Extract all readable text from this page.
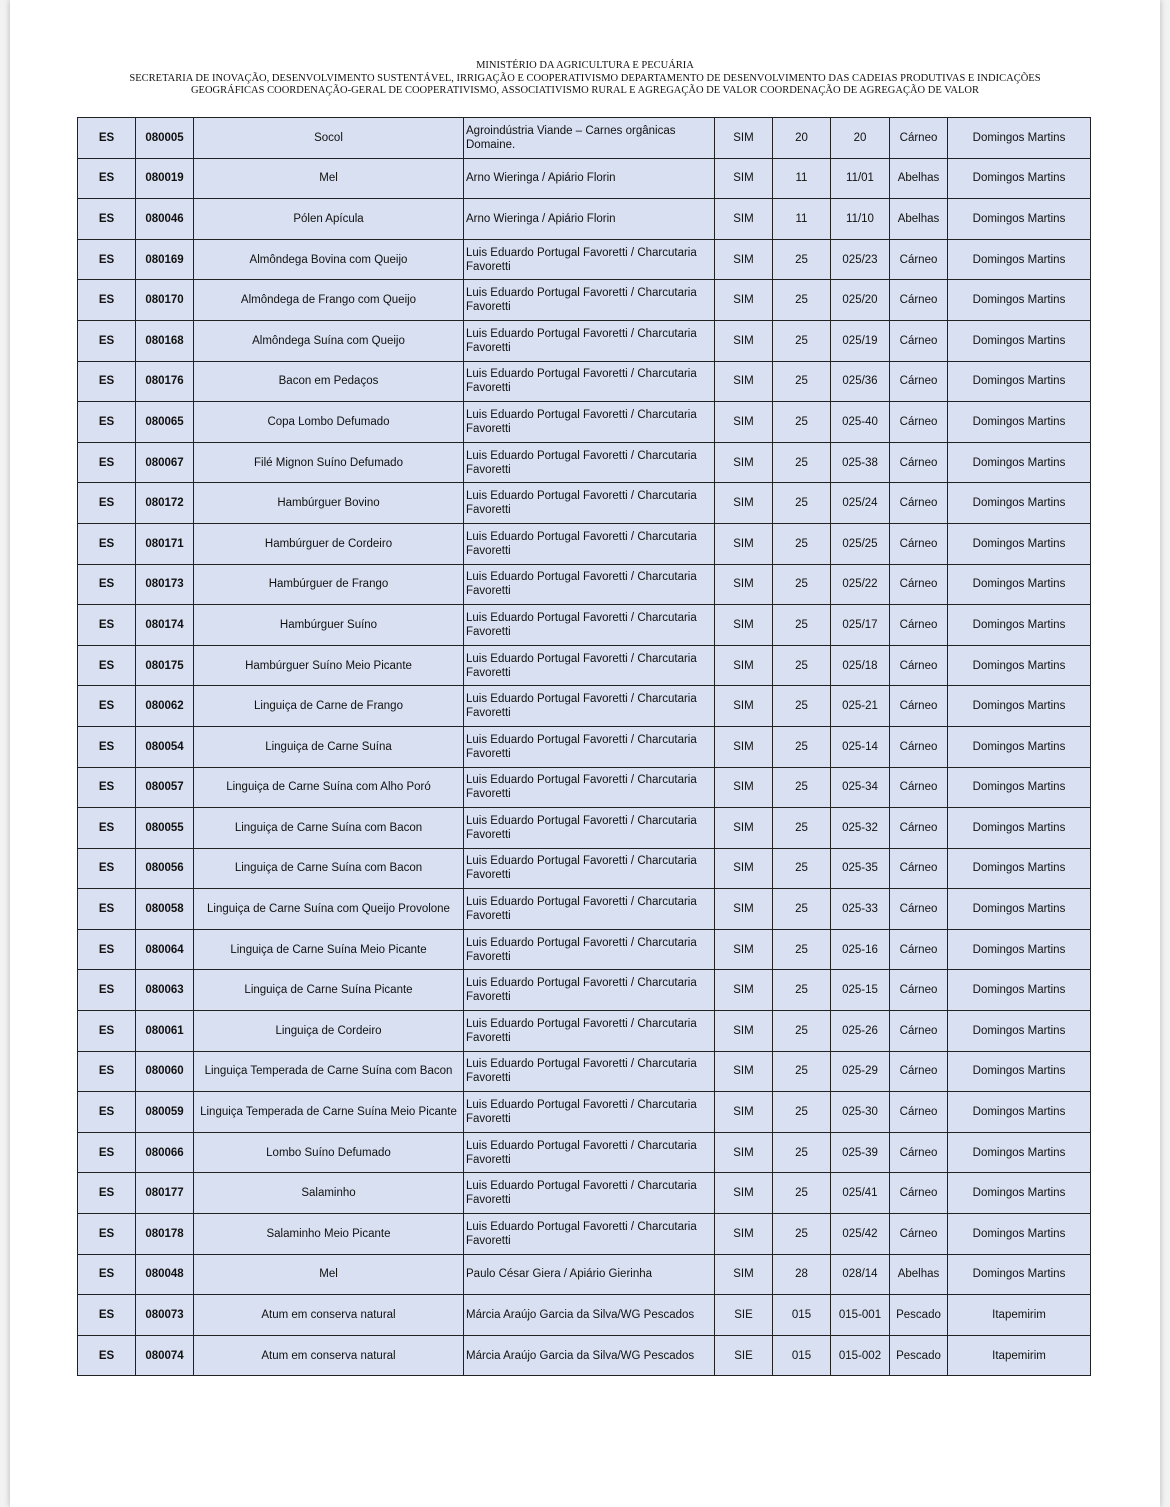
MINISTÉRIO DA AGRICULTURA E PECUÁRIA
SECRETARIA DE INOVAÇÃO, DESENVOLVIMENTO SUSTENTÁVEL, IRRIGAÇÃO E COOPERATIVISMO DEPARTAMENTO DE DESENVOLVIMENTO DAS CADEIAS PRODUTIVAS E INDICAÇÕES
GEOGRÁFICAS COORDENAÇÃO-GERAL DE COOPERATIVISMO, ASSOCIATIVISMO RURAL E AGREGAÇÃO DE VALOR COORDENAÇÃO DE AGREGAÇÃO DE VALOR
ES	080005	Socol	Agroindústria Viande – Carnes orgânicas Domaine.	SIM	20	20	Cárneo	Domingos Martins
ES	080019	Mel	Arno Wieringa / Apiário Florin	SIM	11	11/01	Abelhas	Domingos Martins
ES	080046	Pólen Apícula	Arno Wieringa / Apiário Florin	SIM	11	11/10	Abelhas	Domingos Martins
ES	080169	Almôndega Bovina com Queijo	Luis Eduardo Portugal Favoretti / Charcutaria Favoretti	SIM	25	025/23	Cárneo	Domingos Martins
ES	080170	Almôndega de Frango com Queijo	Luis Eduardo Portugal Favoretti / Charcutaria Favoretti	SIM	25	025/20	Cárneo	Domingos Martins
ES	080168	Almôndega Suína com Queijo	Luis Eduardo Portugal Favoretti / Charcutaria Favoretti	SIM	25	025/19	Cárneo	Domingos Martins
ES	080176	Bacon em Pedaços	Luis Eduardo Portugal Favoretti / Charcutaria Favoretti	SIM	25	025/36	Cárneo	Domingos Martins
ES	080065	Copa Lombo Defumado	Luis Eduardo Portugal Favoretti / Charcutaria Favoretti	SIM	25	025-40	Cárneo	Domingos Martins
ES	080067	Filé Mignon Suíno Defumado	Luis Eduardo Portugal Favoretti / Charcutaria Favoretti	SIM	25	025-38	Cárneo	Domingos Martins
ES	080172	Hambúrguer Bovino	Luis Eduardo Portugal Favoretti / Charcutaria Favoretti	SIM	25	025/24	Cárneo	Domingos Martins
ES	080171	Hambúrguer de Cordeiro	Luis Eduardo Portugal Favoretti / Charcutaria Favoretti	SIM	25	025/25	Cárneo	Domingos Martins
ES	080173	Hambúrguer de Frango	Luis Eduardo Portugal Favoretti / Charcutaria Favoretti	SIM	25	025/22	Cárneo	Domingos Martins
ES	080174	Hambúrguer Suíno	Luis Eduardo Portugal Favoretti / Charcutaria Favoretti	SIM	25	025/17	Cárneo	Domingos Martins
ES	080175	Hambúrguer Suíno Meio Picante	Luis Eduardo Portugal Favoretti / Charcutaria Favoretti	SIM	25	025/18	Cárneo	Domingos Martins
ES	080062	Linguiça de Carne de Frango	Luis Eduardo Portugal Favoretti / Charcutaria Favoretti	SIM	25	025-21	Cárneo	Domingos Martins
ES	080054	Linguiça de Carne Suína	Luis Eduardo Portugal Favoretti / Charcutaria Favoretti	SIM	25	025-14	Cárneo	Domingos Martins
ES	080057	Linguiça de Carne Suína com Alho Poró	Luis Eduardo Portugal Favoretti / Charcutaria Favoretti	SIM	25	025-34	Cárneo	Domingos Martins
ES	080055	Linguiça de Carne Suína com Bacon	Luis Eduardo Portugal Favoretti / Charcutaria Favoretti	SIM	25	025-32	Cárneo	Domingos Martins
ES	080056	Linguiça de Carne Suína com Bacon	Luis Eduardo Portugal Favoretti / Charcutaria Favoretti	SIM	25	025-35	Cárneo	Domingos Martins
ES	080058	Linguiça de Carne Suína com Queijo Provolone	Luis Eduardo Portugal Favoretti / Charcutaria Favoretti	SIM	25	025-33	Cárneo	Domingos Martins
ES	080064	Linguiça de Carne Suína Meio Picante	Luis Eduardo Portugal Favoretti / Charcutaria Favoretti	SIM	25	025-16	Cárneo	Domingos Martins
ES	080063	Linguiça de Carne Suína Picante	Luis Eduardo Portugal Favoretti / Charcutaria Favoretti	SIM	25	025-15	Cárneo	Domingos Martins
ES	080061	Linguiça de Cordeiro	Luis Eduardo Portugal Favoretti / Charcutaria Favoretti	SIM	25	025-26	Cárneo	Domingos Martins
ES	080060	Linguiça Temperada de Carne Suína com Bacon	Luis Eduardo Portugal Favoretti / Charcutaria Favoretti	SIM	25	025-29	Cárneo	Domingos Martins
ES	080059	Linguiça Temperada de Carne Suína Meio Picante	Luis Eduardo Portugal Favoretti / Charcutaria Favoretti	SIM	25	025-30	Cárneo	Domingos Martins
ES	080066	Lombo Suíno Defumado	Luis Eduardo Portugal Favoretti / Charcutaria Favoretti	SIM	25	025-39	Cárneo	Domingos Martins
ES	080177	Salaminho	Luis Eduardo Portugal Favoretti / Charcutaria Favoretti	SIM	25	025/41	Cárneo	Domingos Martins
ES	080178	Salaminho Meio Picante	Luis Eduardo Portugal Favoretti / Charcutaria Favoretti	SIM	25	025/42	Cárneo	Domingos Martins
ES	080048	Mel	Paulo César Giera / Apiário Gierinha	SIM	28	028/14	Abelhas	Domingos Martins
ES	080073	Atum em conserva natural	Márcia Araújo Garcia da Silva/WG Pescados	SIE	015	015-001	Pescado	Itapemirim
ES	080074	Atum em conserva natural	Márcia Araújo Garcia da Silva/WG Pescados	SIE	015	015-002	Pescado	Itapemirim
